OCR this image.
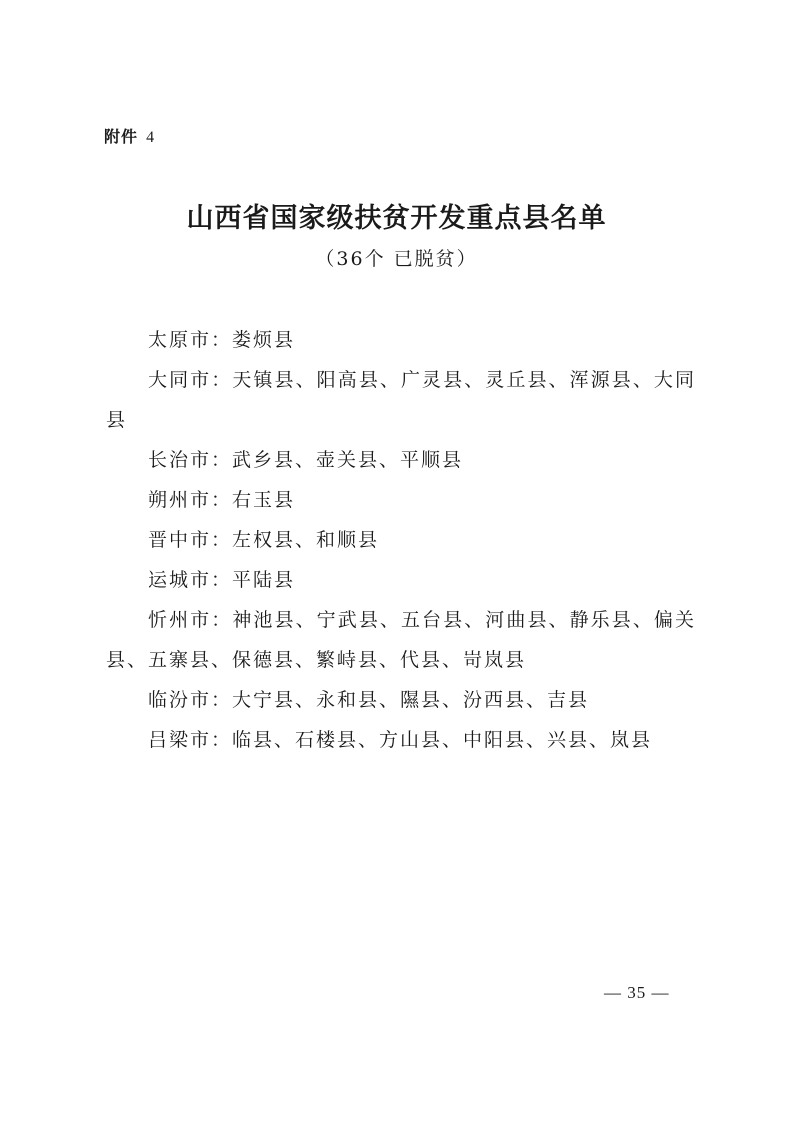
附件 4
山西省国家级扶贫开发重点县名单
（36个 已脱贫）

太原市：娄烦县

大同市：天镇县、阳高县、广灵县、灵丘县、浑源县、大同县

长治市：武乡县、壶关县、平顺县

朔州市：右玉县

晋中市：左权县、和顺县

运城市：平陆县

忻州市：神池县、宁武县、五台县、河曲县、静乐县、偏关县、五寨县、保德县、繁峙县、代县、岢岚县

临汾市：大宁县、永和县、隰县、汾西县、吉县

吕梁市：临县、石楼县、方山县、中阳县、兴县、岚县

— 35 —
